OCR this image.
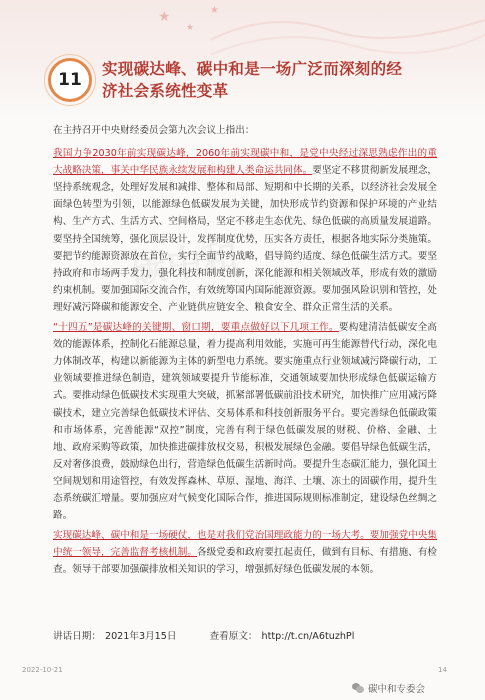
★
★
★
11
实现碳达峰、碳中和是一场广泛而深刻的经
济社会系统性变革
碳中和

在主持召开中央财经委员会第九次会议上指出：

我国力争2030年前实现碳达峰，2060年前实现碳中和，是党中央经过深思熟虑作出的重大战略决策，事关中华民族永续发展和构建人类命运共同体。要坚定不移贯彻新发展理念，坚持系统观念，处理好发展和减排、整体和局部、短期和中长期的关系，以经济社会发展全面绿色转型为引领，以能源绿色低碳发展为关键，加快形成节约资源和保护环境的产业结构、生产方式、生活方式、空间格局，坚定不移走生态优先、绿色低碳的高质量发展道路。要坚持全国统筹，强化顶层设计，发挥制度优势，压实各方责任，根据各地实际分类施策。要把节约能源资源放在首位，实行全面节约战略，倡导简约适度、绿色低碳生活方式。要坚持政府和市场两手发力，强化科技和制度创新，深化能源和相关领域改革，形成有效的激励约束机制。要加强国际交流合作，有效统筹国内国际能源资源。要加强风险识别和管控，处理好减污降碳和能源安全、产业链供应链安全、粮食安全、群众正常生活的关系。

“十四五”是碳达峰的关键期、窗口期，要重点做好以下几项工作。要构建清洁低碳安全高效的能源体系，控制化石能源总量，着力提高利用效能，实施可再生能源替代行动，深化电力体制改革，构建以新能源为主体的新型电力系统。要实施重点行业领域减污降碳行动，工业领域要推进绿色制造，建筑领域要提升节能标准，交通领域要加快形成绿色低碳运输方式。要推动绿色低碳技术实现重大突破，抓紧部署低碳前沿技术研究，加快推广应用减污降碳技术，建立完善绿色低碳技术评估、交易体系和科技创新服务平台。要完善绿色低碳政策和市场体系，完善能源“双控”制度，完善有利于绿色低碳发展的财税、价格、金融、土地、政府采购等政策，加快推进碳排放权交易，积极发展绿色金融。要倡导绿色低碳生活，反对奢侈浪费，鼓励绿色出行，营造绿色低碳生活新时尚。要提升生态碳汇能力，强化国土空间规划和用途管控，有效发挥森林、草原、湿地、海洋、土壤、冻土的固碳作用，提升生态系统碳汇增量。要加强应对气候变化国际合作，推进国际规则标准制定，建设绿色丝绸之路。

实现碳达峰、碳中和是一场硬仗，也是对我们党治国理政能力的一场大考。要加强党中央集中统一领导，完善监督考核机制。各级党委和政府要扛起责任，做到有目标、有措施、有检查。领导干部要加强碳排放相关知识的学习，增强抓好绿色低碳发展的本领。

讲话日期： 2021年3月15日	查看原文： http://t.cn/A6tuzhPl
2022-10-21	14
碳中和专委会
